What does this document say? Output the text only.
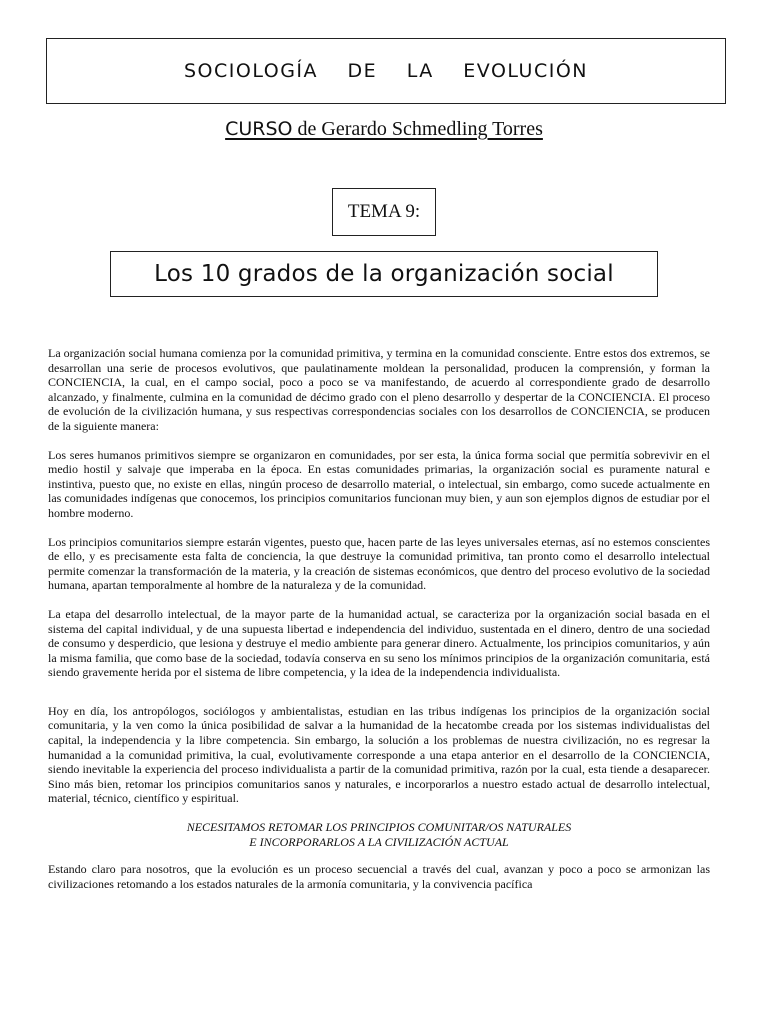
SOCIOLOGÍA DE LA EVOLUCIÓN
CURSO de Gerardo Schmedling Torres
TEMA 9:
Los 10 grados de la organización social

La organización social humana comienza por la comunidad primitiva, y termina en la comunidad consciente. Entre estos dos extremos, se desarrollan una serie de procesos evolutivos, que paulatinamente moldean la personalidad, producen la comprensión, y forman la CONCIENCIA, la cual, en el campo social, poco a poco se va manifestando, de acuerdo al correspondiente grado de desarrollo alcanzado, y finalmente, culmina en la comunidad de décimo grado con el pleno desarrollo y despertar de la CONCIENCIA. El proceso de evolución de la civilización humana, y sus respectivas correspondencias sociales con los desarrollos de CONCIENCIA, se producen de la siguiente manera:

Los seres humanos primitivos siempre se organizaron en comunidades, por ser esta, la única forma social que permitía sobrevivir en el medio hostil y salvaje que imperaba en la época. En estas comunidades primarias, la organización social es puramente natural e instintiva, puesto que, no existe en ellas, ningún proceso de desarrollo material, o intelectual, sin embargo, como sucede actualmente en las comunidades indígenas que conocemos, los principios comunitarios funcionan muy bien, y aun son ejemplos dignos de estudiar por el hombre moderno.

Los principios comunitarios siempre estarán vigentes, puesto que, hacen parte de las leyes universales eternas, así no estemos conscientes de ello, y es precisamente esta falta de conciencia, la que destruye la comunidad primitiva, tan pronto como el desarrollo intelectual permite comenzar la transformación de la materia, y la creación de sistemas económicos, que dentro del proceso evolutivo de la sociedad humana, apartan temporalmente al hombre de la naturaleza y de la comunidad.

La etapa del desarrollo intelectual, de la mayor parte de la humanidad actual, se caracteriza por la organización social basada en el sistema del capital individual, y de una supuesta libertad e independencia del individuo, sustentada en el dinero, dentro de una sociedad de consumo y desperdicio, que lesiona y destruye el medio ambiente para generar dinero. Actualmente, los principios comunitarios, y aún la misma familia, que como base de la sociedad, todavía conserva en su seno los mínimos principios de la organización comunitaria, está siendo gravemente herida por el sistema de libre competencia, y la idea de la independencia individualista.

Hoy en día, los antropólogos, sociólogos y ambientalistas, estudian en las tribus indígenas los principios de la organización social comunitaria, y la ven como la única posibilidad de salvar a la humanidad de la hecatombe creada por los sistemas individualistas del capital, la independencia y la libre competencia. Sin embargo, la solución a los problemas de nuestra civilización, no es regresar la humanidad a la comunidad primitiva, la cual, evolutivamente corresponde a una etapa anterior en el desarrollo de la CONCIENCIA, siendo inevitable la experiencia del proceso individualista a partir de la comunidad primitiva, razón por la cual, esta tiende a desaparecer. Sino más bien, retomar los principios comunitarios sanos y naturales, e incorporarlos a nuestro estado actual de desarrollo intelectual, material, técnico, científico y espiritual.

NECESITAMOS RETOMAR LOS PRINCIPIOS COMUNITAR/OS NATURALES
E INCORPORARLOS A LA CIVILIZACIÓN ACTUAL

Estando claro para nosotros, que la evolución es un proceso secuencial a través del cual, avanzan y poco a poco se armonizan las civilizaciones retomando a los estados naturales de la armonía comunitaria, y la convivencia pacífica
